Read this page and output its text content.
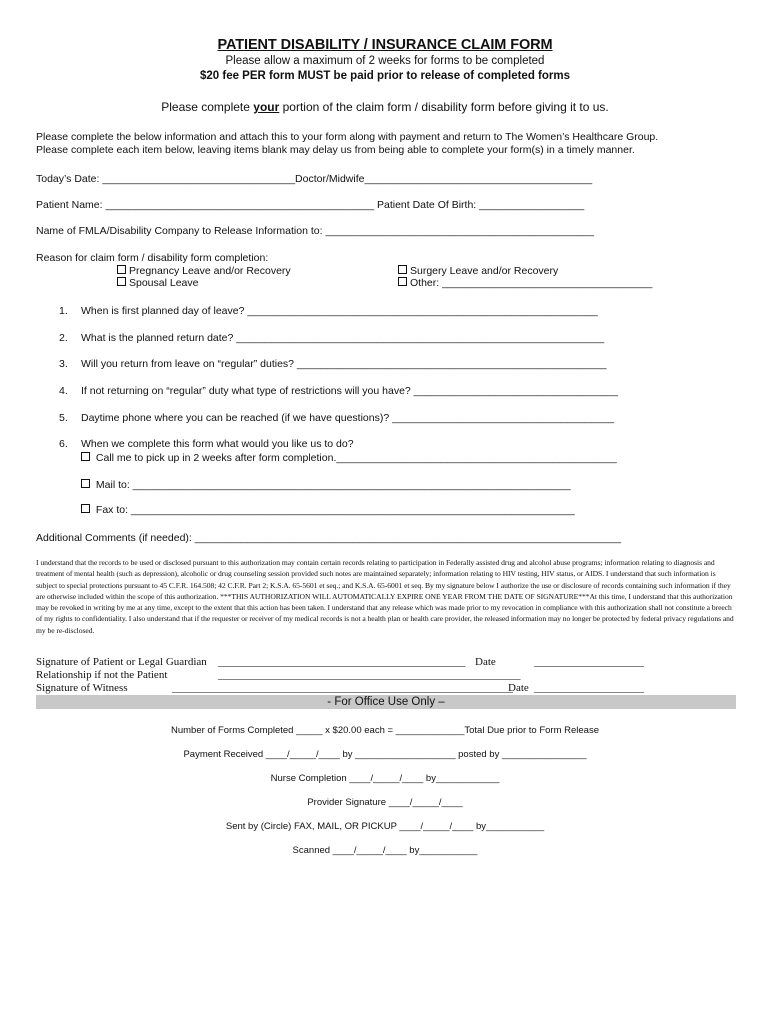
PATIENT DISABILITY / INSURANCE CLAIM FORM
Please allow a maximum of 2 weeks for forms to be completed
$20 fee PER form MUST be paid prior to release of completed forms
Please complete your portion of the claim form / disability form before giving it to us.
Please complete the below information and attach this to your form along with payment and return to The Women’s Healthcare Group.
Please complete each item below, leaving items blank may delay us from being able to complete your form(s) in a timely manner.
Today’s Date: _________________________________Doctor/Midwife_______________________________________
Patient Name: ______________________________________________ Patient Date Of Birth: __________________
Name of FMLA/Disability Company to Release Information to: ______________________________________________
Reason for claim form / disability form completion:
Pregnancy Leave and/or Recovery
Spousal Leave
Surgery Leave and/or Recovery
Other: ____________________________________
1. When is first planned day of leave? ____________________________________________________________
2. What is the planned return date? _______________________________________________________________
3. Will you return from leave on “regular” duties? _____________________________________________________
4. If not returning on “regular” duty what type of restrictions will you have? ___________________________________
5. Daytime phone where you can be reached (if we have questions)? ______________________________________
6. When we complete this form what would you like us to do?
Call me to pick up in 2 weeks after form completion.________________________________________________
Mail to: ___________________________________________________________________________
Fax to: ____________________________________________________________________________
Additional Comments (if needed): _________________________________________________________________________

I understand that the records to be used or disclosed pursuant to this authorization may contain certain records relating to participation in Federally assisted drug and alcohol abuse programs; information relating to diagnosis and treatment of mental health (such as depression), alcoholic or drug counseling session provided such notes are maintained separately; information relating to HIV testing, HIV status, or AIDS. I understand that such information is subject to special protections pursuant to 45 C.F.R. 164.508; 42 C.F.R. Part 2; K.S.A. 65-5601 et seq.; and K.S.A. 65-6001 et seq. By my signature below I authorize the use or disclosure of records containing such information if they are otherwise included within the scope of this authorization. ***THIS AUTHORIZATION WILL AUTOMATICALLY EXPIRE ONE YEAR FROM THE DATE OF SIGNATURE***At this time, I understand that this authorization may be revoked in writing by me at any time, except to the extent that this action has been taken. I understand that any release which was made prior to my revocation in compliance with this authorization shall not constitute a breech of my rights to confidentiality. I also understand that if the requester or receiver of my medical records is not a health plan or health care provider, the released information may no longer be protected by federal privacy regulations and my be re-disclosed.

Signature of Patient or Legal Guardian _____________________________________________ Date	____________________
Relationship if not the Patient	_______________________________________________________
Signature of Witness	______________________________________________________________
Date ____________________
- For Office Use Only –
Number of Forms Completed _____ x $20.00 each = _____________Total Due prior to Form Release
Payment Received ____/_____/____ by ___________________ posted by ________________
Nurse Completion ____/_____/____ by____________
Provider Signature ____/_____/____
Sent by (Circle) FAX, MAIL, OR PICKUP ____/_____/____ by___________
Scanned ____/_____/____ by___________
